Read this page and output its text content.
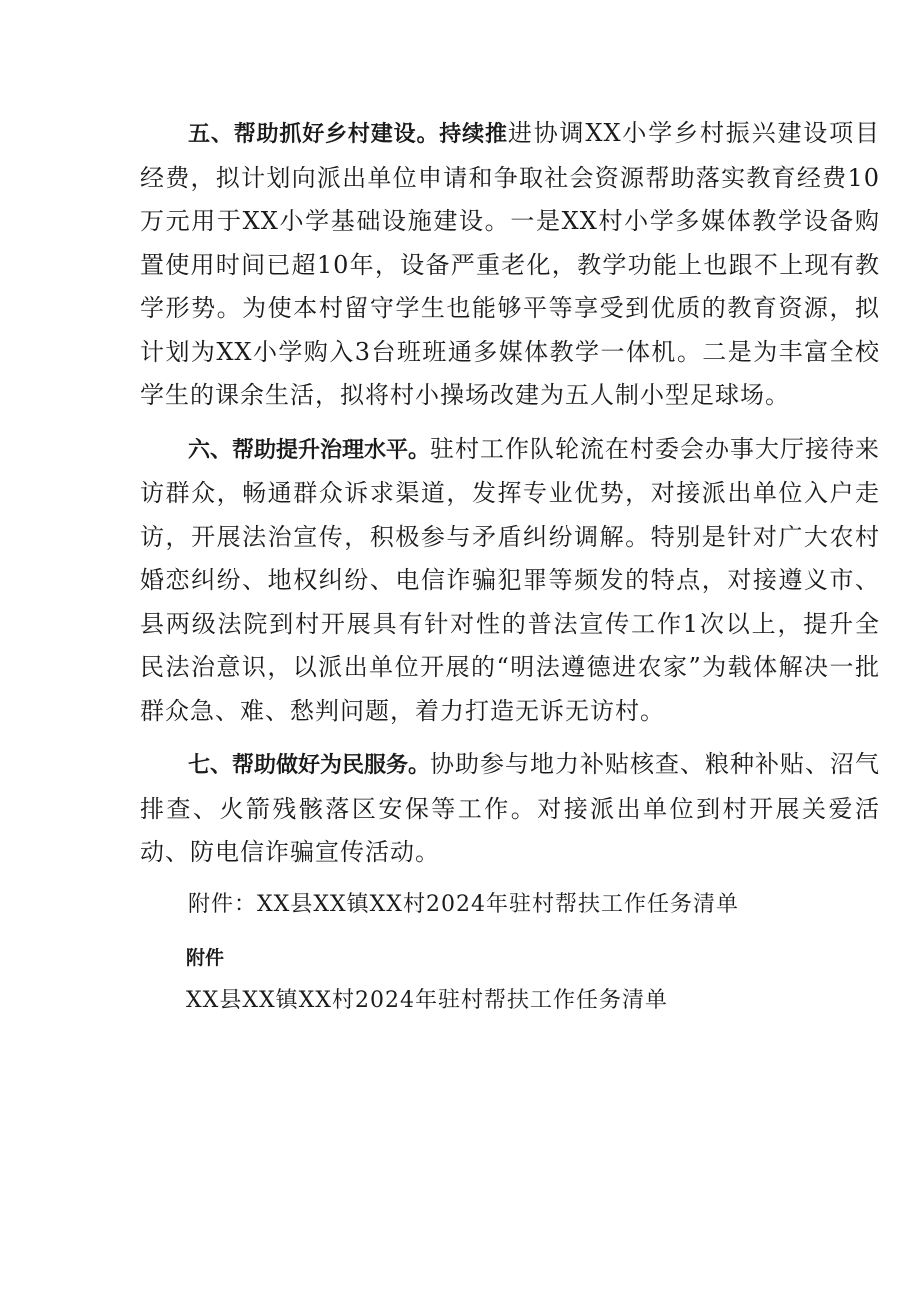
五、帮助抓好乡村建设。持续推进协调XX小学乡村振兴建设项目经费，拟计划向派出单位申请和争取社会资源帮助落实教育经费10万元用于XX小学基础设施建设。一是XX村小学多媒体教学设备购置使用时间已超10年，设备严重老化，教学功能上也跟不上现有教学形势。为使本村留守学生也能够平等享受到优质的教育资源，拟计划为XX小学购入3台班班通多媒体教学一体机。二是为丰富全校学生的课余生活，拟将村小操场改建为五人制小型足球场。

六、帮助提升治理水平。驻村工作队轮流在村委会办事大厅接待来访群众，畅通群众诉求渠道，发挥专业优势，对接派出单位入户走访，开展法治宣传，积极参与矛盾纠纷调解。特别是针对广大农村婚恋纠纷、地权纠纷、电信诈骗犯罪等频发的特点，对接遵义市、县两级法院到村开展具有针对性的普法宣传工作1次以上，提升全民法治意识，以派出单位开展的“明法遵德进农家”为载体解决一批群众急、难、愁判问题，着力打造无诉无访村。

七、帮助做好为民服务。协助参与地力补贴核查、粮种补贴、沼气排查、火箭残骸落区安保等工作。对接派出单位到村开展关爱活动、防电信诈骗宣传活动。

附件：XX县XX镇XX村2024年驻村帮扶工作任务清单

附件

XX县XX镇XX村2024年驻村帮扶工作任务清单
